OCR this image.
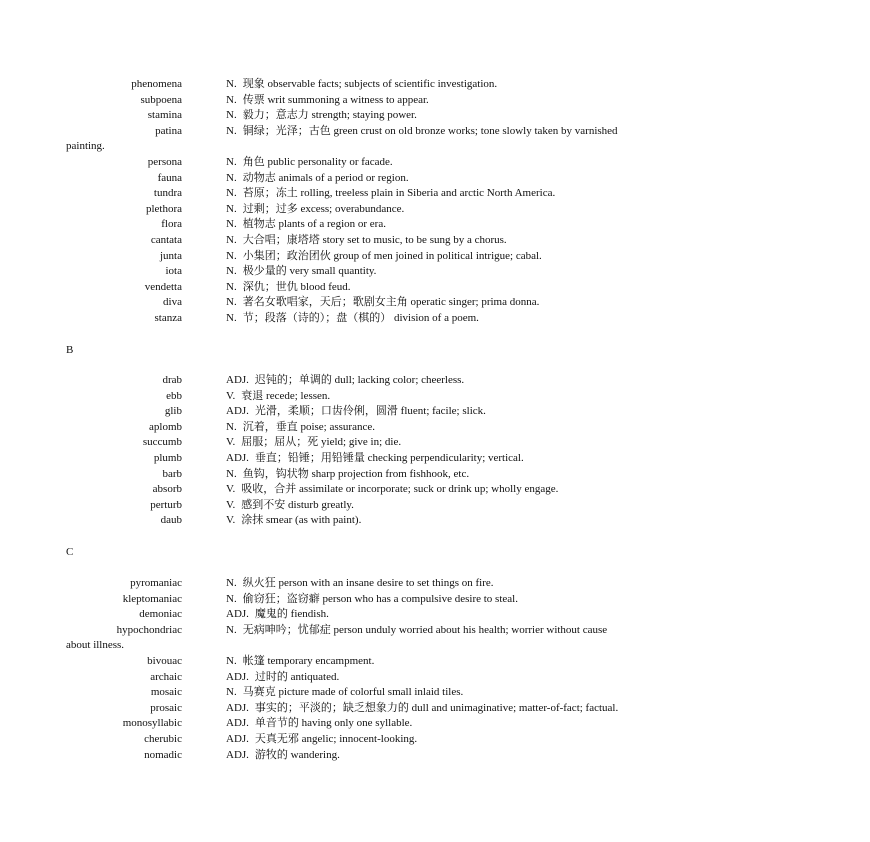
phenomena	N. 现象 observable facts; subjects of scientific investigation.
subpoena	N. 传票 writ summoning a witness to appear.
stamina	N. 毅力；意志力 strength; staying power.
patina	N. 铜绿；光泽；古色 green crust on old bronze works; tone slowly taken by varnished
painting.
persona	N. 角色 public personality or facade.
fauna	N. 动物志 animals of a period or region.
tundra	N. 苔原；冻土 rolling, treeless plain in Siberia and arctic North America.
plethora	N. 过剩；过多 excess; overabundance.
flora	N. 植物志 plants of a region or era.
cantata	N. 大合唱；康塔塔 story set to music, to be sung by a chorus.
junta	N. 小集团；政治团伙 group of men joined in political intrigue; cabal.
iota	N. 极少量的 very small quantity.
vendetta	N. 深仇；世仇 blood feud.
diva	N. 著名女歌唱家，天后；歌剧女主角 operatic singer; prima donna.
stanza	N. 节；段落（诗的）；盘（棋的） division of a poem.
B
drab	ADJ. 迟钝的；单调的 dull; lacking color; cheerless.
ebb	V. 衰退 recede; lessen.
glib	ADJ. 光滑，柔顺；口齿伶俐，圆滑 fluent; facile; slick.
aplomb	N. 沉着，垂直 poise; assurance.
succumb	V. 屈服；屈从；死 yield; give in; die.
plumb	ADJ. 垂直；铅锤；用铅锤量 checking perpendicularity; vertical.
barb	N. 鱼钩，钩状物 sharp projection from fishhook, etc.
absorb	V. 吸收，合并 assimilate or incorporate; suck or drink up; wholly engage.
perturb	V. 感到不安 disturb greatly.
daub	V. 涂抹 smear (as with paint).
C
pyromaniac	N. 纵火狂 person with an insane desire to set things on fire.
kleptomaniac	N. 偷窃狂；盗窃癖 person who has a compulsive desire to steal.
demoniac	ADJ. 魔鬼的 fiendish.
hypochondriac	N. 无病呻吟；忧郁症 person unduly worried about his health; worrier without cause
about illness.
bivouac	N. 帐篷 temporary encampment.
archaic	ADJ. 过时的 antiquated.
mosaic	N. 马赛克 picture made of colorful small inlaid tiles.
prosaic	ADJ. 事实的；平淡的；缺乏想象力的 dull and unimaginative; matter-of-fact; factual.
monosyllabic	ADJ. 单音节的 having only one syllable.
cherubic	ADJ. 天真无邪 angelic; innocent-looking.
nomadic	ADJ. 游牧的 wandering.
